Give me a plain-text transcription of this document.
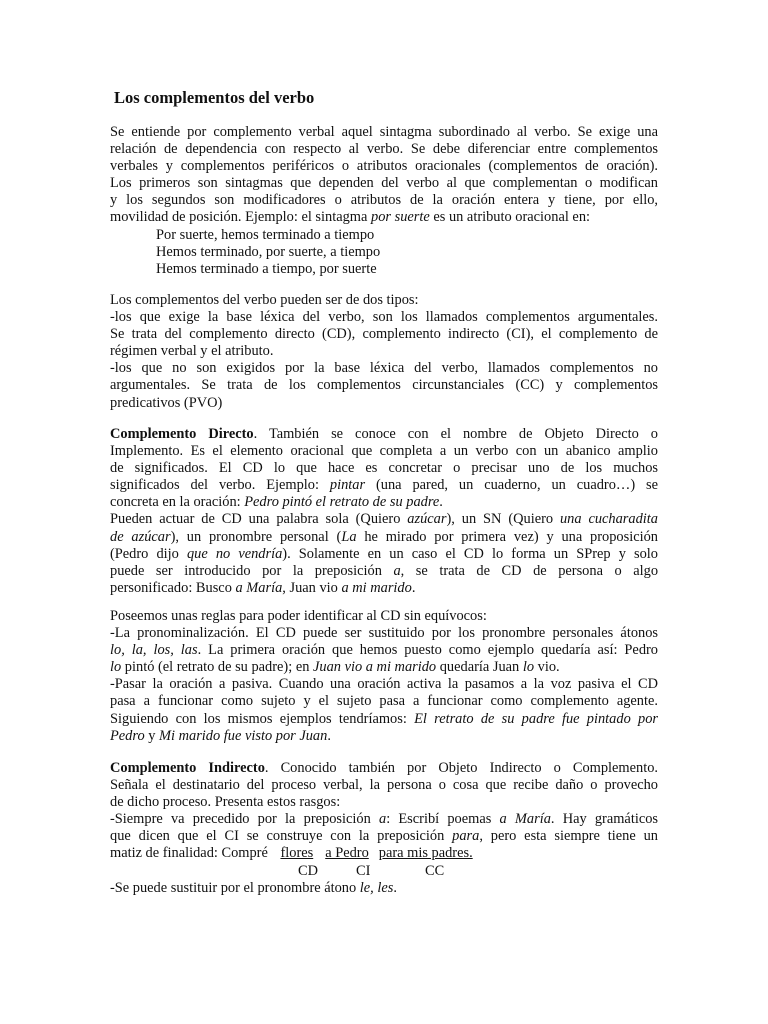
Los complementos del verbo
Se entiende por complemento verbal aquel sintagma subordinado al verbo. Se exige una
relación de dependencia con respecto al verbo. Se debe diferenciar entre complementos
verbales y complementos periféricos o atributos oracionales (complementos de oración).
Los primeros son sintagmas que dependen del verbo al que complementan o modifican
y los segundos son modificadores o atributos de la oración entera y tiene, por ello,
movilidad de posición. Ejemplo: el sintagma por suerte es un atributo oracional en:
Por suerte, hemos terminado a tiempo
Hemos terminado, por suerte, a tiempo
Hemos terminado a tiempo, por suerte
Los complementos del verbo pueden ser de dos tipos:
-los que exige la base léxica del verbo, son los llamados complementos argumentales.
Se trata del complemento directo (CD), complemento indirecto (CI), el complemento de
régimen verbal y el atributo.
-los que no son exigidos por la base léxica del verbo, llamados complementos no
argumentales. Se trata de los complementos circunstanciales (CC) y complementos
predicativos (PVO)
Complemento Directo. También se conoce con el nombre de Objeto Directo o
Implemento. Es el elemento oracional que completa a un verbo con un abanico amplio
de significados. El CD lo que hace es concretar o precisar uno de los muchos
significados del verbo. Ejemplo: pintar (una pared, un cuaderno, un cuadro…) se
concreta en la oración: Pedro pintó el retrato de su padre.
Pueden actuar de CD una palabra sola (Quiero azúcar), un SN (Quiero una cucharadita
de azúcar), un pronombre personal (La he mirado por primera vez) y una proposición
(Pedro dijo que no vendría). Solamente en un caso el CD lo forma un SPrep y solo
puede ser introducido por la preposición a, se trata de CD de persona o algo
personificado: Busco a María, Juan vio a mi marido.
Poseemos unas reglas para poder identificar al CD sin equívocos:
-La pronominalización. El CD puede ser sustituido por los pronombre personales átonos
lo, la, los, las. La primera oración que hemos puesto como ejemplo quedaría así: Pedro
lo pintó (el retrato de su padre); en Juan vio a mi marido quedaría Juan lo vio.
-Pasar la oración a pasiva. Cuando una oración activa la pasamos a la voz pasiva el CD
pasa a funcionar como sujeto y el sujeto pasa a funcionar como complemento agente.
Siguiendo con los mismos ejemplos tendríamos: El retrato de su padre fue pintado por
Pedro y Mi marido fue visto por Juan.
Complemento Indirecto. Conocido también por Objeto Indirecto o Complemento.
Señala el destinatario del proceso verbal, la persona o cosa que recibe daño o provecho
de dicho proceso. Presenta estos rasgos:
-Siempre va precedido por la preposición a: Escribí poemas a María. Hay gramáticos
que dicen que el CI se construye con la preposición para, pero esta siempre tiene un
matiz de finalidad: Compré flores a Pedro para mis padres.
CD	CI	CC
-Se puede sustituir por el pronombre átono le, les.
